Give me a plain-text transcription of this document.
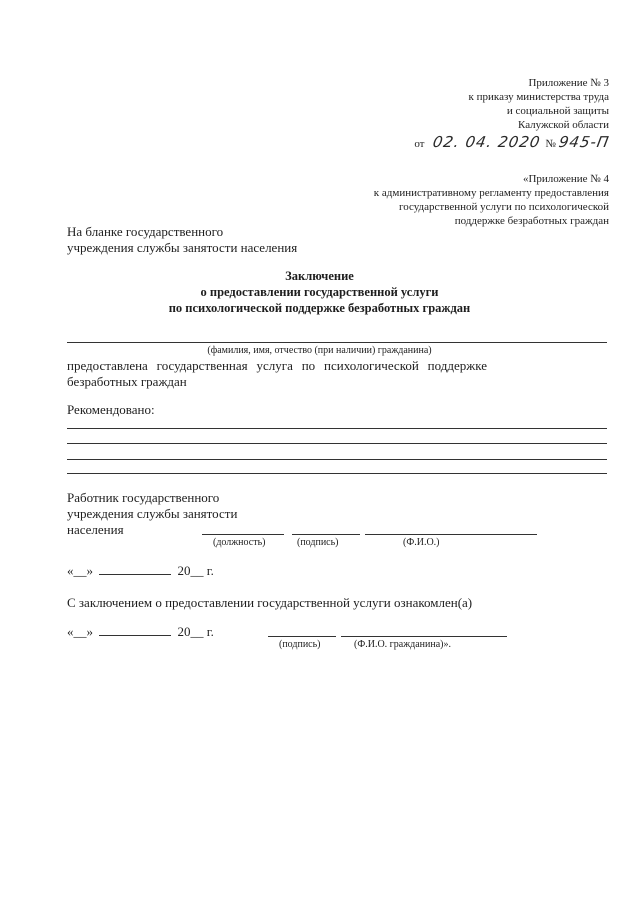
Приложение № 3
к приказу министерства труда
и социальной защиты
Калужской области
от 02. 04. 2020 № 945-П
«Приложение № 4
к административному регламенту предоставления
государственной услуги по психологической
поддержке безработных граждан
На бланке государственного
учреждения службы занятости населения
Заключение
о предоставлении государственной услуги
по психологической поддержке безработных граждан
(фамилия, имя, отчество (при наличии) гражданина)
предоставлена государственная услуга по психологической поддержке
безработных граждан
Рекомендовано:
Работник государственного
учреждения службы занятости
населения
(должность)	(подпись)	(Ф.И.О.)
«__»	20__ г.
С заключением о предоставлении государственной услуги ознакомлен(а)
«__»	20__ г.
(подпись)	(Ф.И.О. гражданина)».
